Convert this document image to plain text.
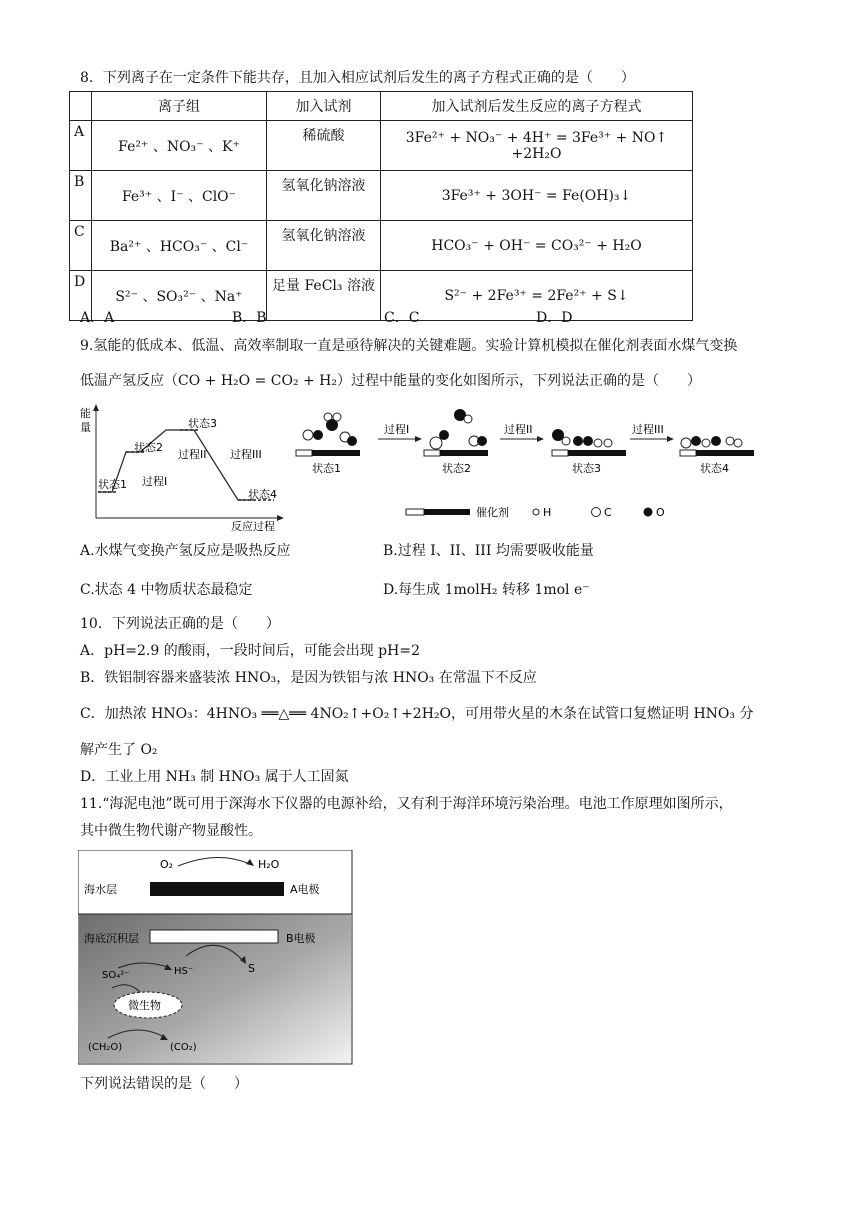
8．下列离子在一定条件下能共存，且加入相应试剂后发生的离子方程式正确的是（　　）
	离子组	加入试剂	加入试剂后发生反应的离子方程式
A	Fe²⁺ 、NO₃⁻ 、K⁺	稀硫酸	3Fe²⁺ + NO₃⁻ + 4H⁺ = 3Fe³⁺ + NO↑ +2H₂O
B	Fe³⁺ 、I⁻ 、ClO⁻	氢氧化钠溶液	3Fe³⁺ + 3OH⁻ = Fe(OH)₃↓
C	Ba²⁺ 、HCO₃⁻ 、Cl⁻	氢氧化钠溶液	HCO₃⁻ + OH⁻ = CO₃²⁻ + H₂O
D	S²⁻ 、SO₃²⁻ 、Na⁺	足量 FeCl₃ 溶液	S²⁻ + 2Fe³⁺ = 2Fe²⁺ + S↓
A．A	B．B	C．C	D．D
9.氢能的低成本、低温、高效率制取一直是亟待解决的关键难题。实验计算机模拟在催化剂表面水煤气变换
低温产氢反应（CO + H₂O = CO₂ + H₂）过程中能量的变化如图所示，下列说法正确的是（　　）
能
量
反应过程
状态1
状态2
状态3
状态4
过程I
过程II 过程III
状态1
过程I
状态2
过程II
状态3
过程III
状态4
催化剂	H	C	O
A.水煤气变换产氢反应是吸热反应	B.过程 I、II、III 均需要吸收能量
C.状态 4 中物质状态最稳定	D.每生成 1molH₂ 转移 1mol e⁻
10．下列说法正确的是（　　）
A．pH=2.9 的酸雨，一段时间后，可能会出现 pH=2
B．铁铝制容器来盛装浓 HNO₃，是因为铁铝与浓 HNO₃ 在常温下不反应
C．加热浓 HNO₃：4HNO₃ ══△══ 4NO₂↑+O₂↑+2H₂O，可用带火星的木条在试管口复燃证明 HNO₃ 分
解产生了 O₂
D．工业上用 NH₃ 制 HNO₃ 属于人工固氮
11.“海泥电池”既可用于深海水下仪器的电源补给，又有利于海洋环境污染治理。电池工作原理如图所示，
其中微生物代谢产物显酸性。
海水层	A电极
O₂	H₂O
海底沉积层	B电极
SO₄²⁻	HS⁻	S
微生物
(CH₂O)	(CO₂)
下列说法错误的是（　　）
